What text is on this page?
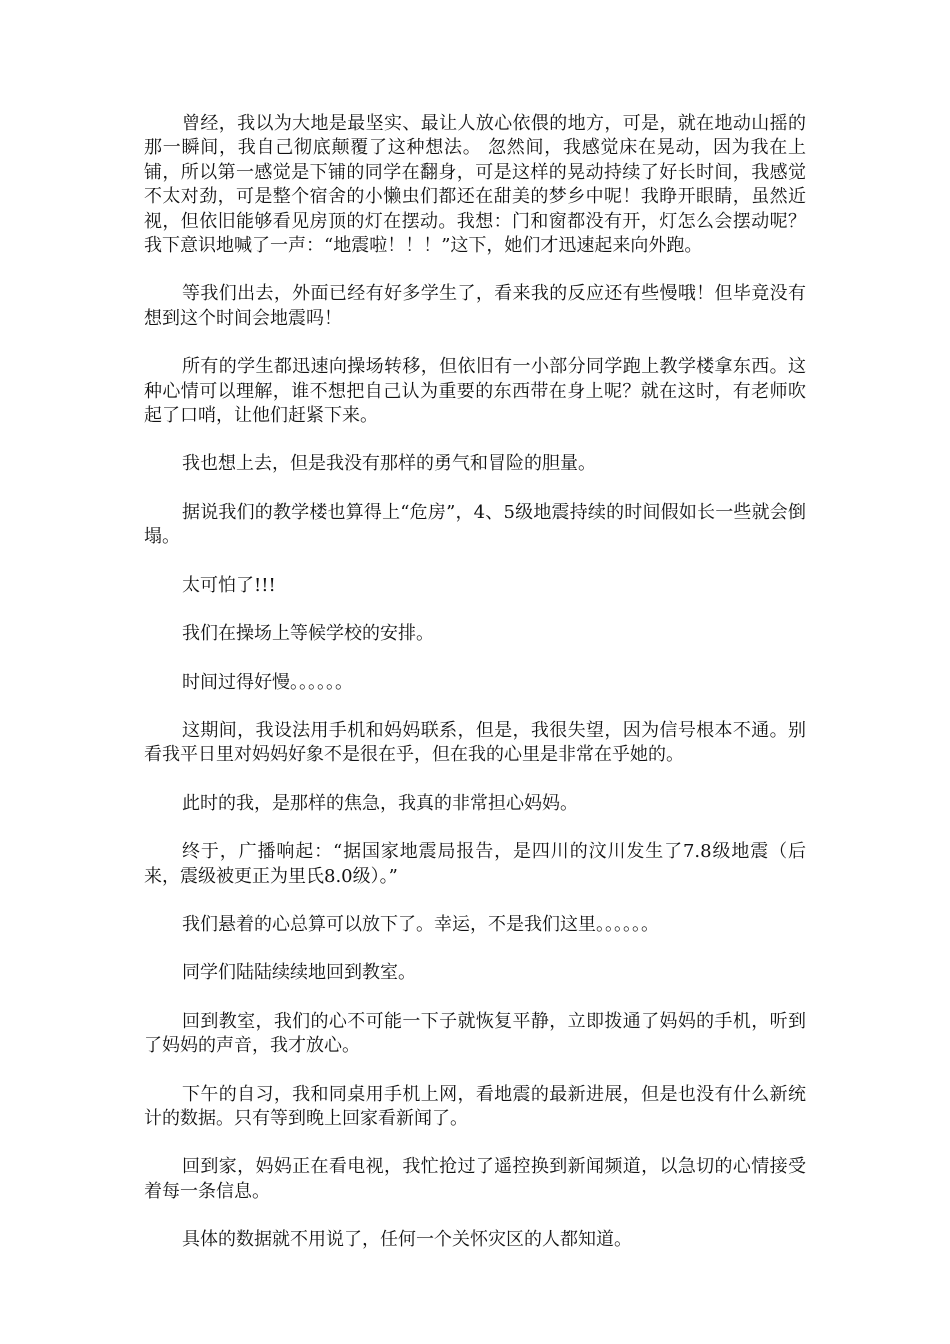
曾经，我以为大地是最坚实、最让人放心依偎的地方，可是，就在地动山摇的那一瞬间，我自己彻底颠覆了这种想法。 忽然间，我感觉床在晃动，因为我在上铺，所以第一感觉是下铺的同学在翻身，可是这样的晃动持续了好长时间，我感觉不太对劲，可是整个宿舍的小懒虫们都还在甜美的梦乡中呢！我睁开眼睛，虽然近视，但依旧能够看见房顶的灯在摆动。我想：门和窗都没有开，灯怎么会摆动呢？我下意识地喊了一声：“地震啦！！！”这下，她们才迅速起来向外跑。

等我们出去，外面已经有好多学生了，看来我的反应还有些慢哦！但毕竟没有想到这个时间会地震吗！

所有的学生都迅速向操场转移，但依旧有一小部分同学跑上教学楼拿东西。这种心情可以理解，谁不想把自己认为重要的东西带在身上呢？就在这时，有老师吹起了口哨，让他们赶紧下来。

我也想上去，但是我没有那样的勇气和冒险的胆量。

据说我们的教学楼也算得上“危房”，4、5级地震持续的时间假如长一些就会倒塌。

太可怕了!!!

我们在操场上等候学校的安排。

时间过得好慢。。。。。。

这期间，我设法用手机和妈妈联系，但是，我很失望，因为信号根本不通。别看我平日里对妈妈好象不是很在乎，但在我的心里是非常在乎她的。

此时的我，是那样的焦急，我真的非常担心妈妈。

终于，广播响起：“据国家地震局报告，是四川的汶川发生了7.8级地震（后来，震级被更正为里氏8.0级）。”

我们悬着的心总算可以放下了。幸运，不是我们这里。。。。。。

同学们陆陆续续地回到教室。

回到教室，我们的心不可能一下子就恢复平静，立即拨通了妈妈的手机，听到了妈妈的声音，我才放心。

下午的自习，我和同桌用手机上网，看地震的最新进展，但是也没有什么新统计的数据。只有等到晚上回家看新闻了。

回到家，妈妈正在看电视，我忙抢过了遥控换到新闻频道，以急切的心情接受着每一条信息。

具体的数据就不用说了，任何一个关怀灾区的人都知道。
